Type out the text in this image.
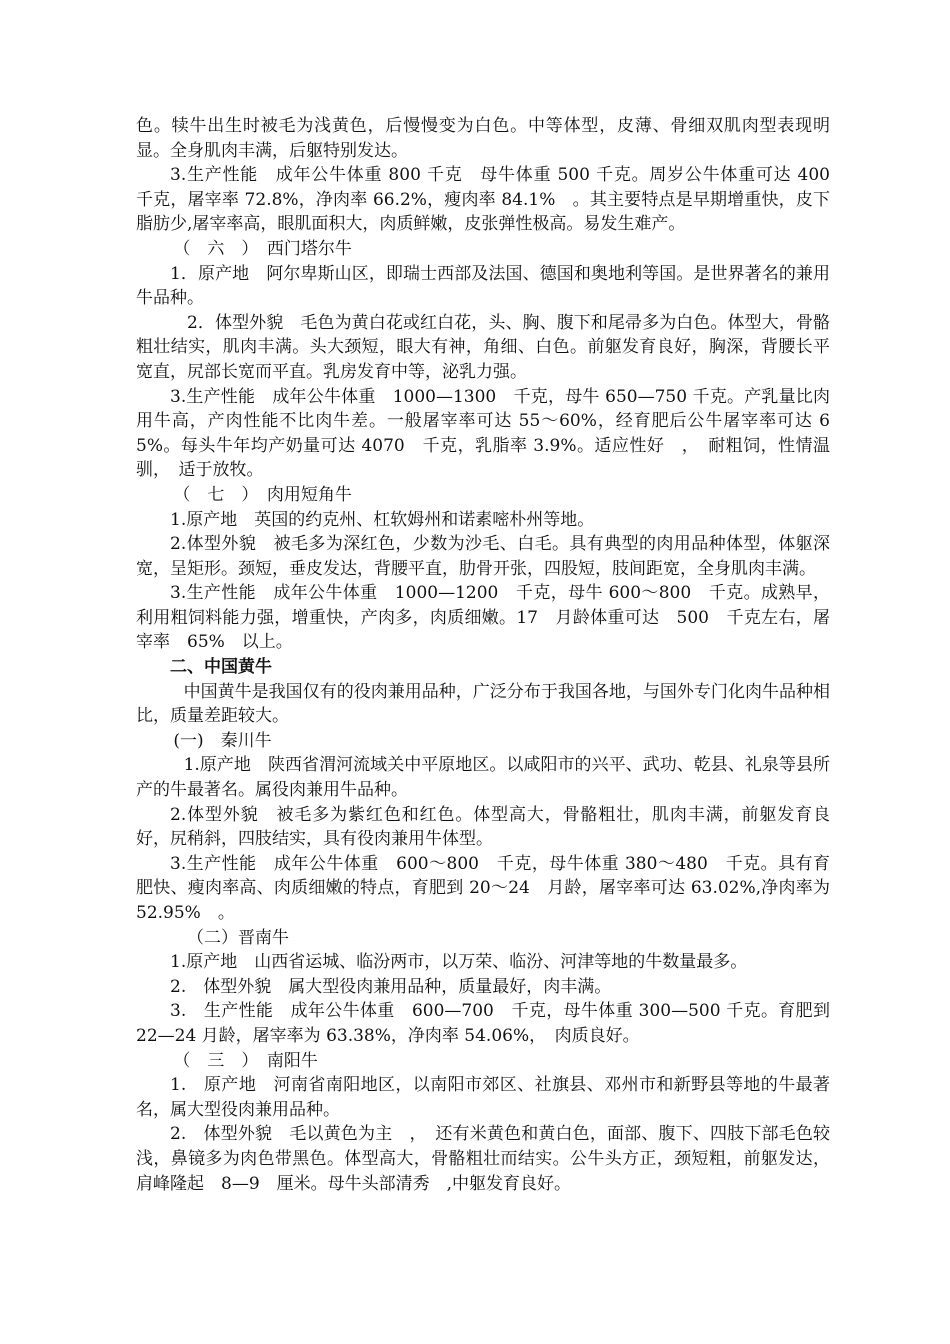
色。犊牛出生时被毛为浅黄色，后慢慢变为白色。中等体型，皮薄、骨细双肌肉型表现明显。全身肌肉丰满，后躯特别发达。

3.生产性能　成年公牛体重 800 千克　母牛体重 500 千克。周岁公牛体重可达 400　千克，屠宰率 72.8%，净肉率 66.2%，瘦肉率 84.1%　。其主要特点是早期增重快，皮下脂肪少,屠宰率高，眼肌面积大，肉质鲜嫩，皮张弹性极高。易发生难产。

（　六　）　西门塔尔牛

1．原产地　阿尔卑斯山区，即瑞士西部及法国、德国和奥地利等国。是世界著名的兼用牛品种。

2．体型外貌　毛色为黄白花或红白花，头、胸、腹下和尾帚多为白色。体型大，骨骼粗壮结实，肌肉丰满。头大颈短，眼大有神，角细、白色。前躯发育良好，胸深，背腰长平宽直，尻部长宽而平直。乳房发育中等，泌乳力强。

3.生产性能　成年公牛体重　1000—1300　千克，母牛 650—750 千克。产乳量比肉用牛高，产肉性能不比肉牛差。一般屠宰率可达 55～60%，经育肥后公牛屠宰率可达 65%。每头牛年均产奶量可达 4070　千克，乳脂率 3.9%。适应性好　，　耐粗饲，性情温驯，　适于放牧。

（　七　）　肉用短角牛

1.原产地　英国的约克州、杠软姆州和诺素嘧朴州等地。

2.体型外貌　被毛多为深红色，少数为沙毛、白毛。具有典型的肉用品种体型，体躯深宽，呈矩形。颈短，垂皮发达，背腰平直，肋骨开张，四股短，肢间距宽，全身肌肉丰满。

3.生产性能　成年公牛体重　1000—1200　千克，母牛 600～800　千克。成熟早，利用粗饲料能力强，增重快，产肉多，肉质细嫩。17　月龄体重可达　500　千克左右，屠宰率　65%　以上。

二、中国黄牛

中国黄牛是我国仅有的役肉兼用品种，广泛分布于我国各地，与国外专门化肉牛品种相比，质量差距较大。

(一)　秦川牛

1.原产地　陕西省渭河流域关中平原地区。以咸阳市的兴平、武功、乾县、礼泉等县所产的牛最著名。属役肉兼用牛品种。

2.体型外貌　被毛多为紫红色和红色。体型高大，骨骼粗壮，肌肉丰满，前躯发育良好，尻稍斜，四肢结实，具有役肉兼用牛体型。

3.生产性能　成年公牛体重　600～800　千克，母牛体重 380～480　千克。具有育肥快、瘦肉率高、肉质细嫩的特点，育肥到 20～24　月龄，屠宰率可达 63.02%,净肉率为 52.95%　。

（二）晋南牛

1.原产地　山西省运城、临汾两市，以万荣、临汾、河津等地的牛数量最多。

2.　体型外貌　属大型役肉兼用品种，质量最好，肉丰满。

3.　生产性能　成年公牛体重　600—700　千克，母牛体重 300—500 千克。育肥到 22—24 月龄，屠宰率为 63.38%，净肉率 54.06%，　肉质良好。

（　三　）　南阳牛

1.　原产地　河南省南阳地区，以南阳市郊区、社旗县、邓州市和新野县等地的牛最著名，属大型役肉兼用品种。

2.　体型外貌　毛以黄色为主　，　还有米黄色和黄白色，面部、腹下、四肢下部毛色较浅，鼻镜多为肉色带黑色。体型高大，骨骼粗壮而结实。公牛头方正，颈短粗，前躯发达，肩峰隆起　8—9　厘米。母牛头部清秀　,中躯发育良好。
